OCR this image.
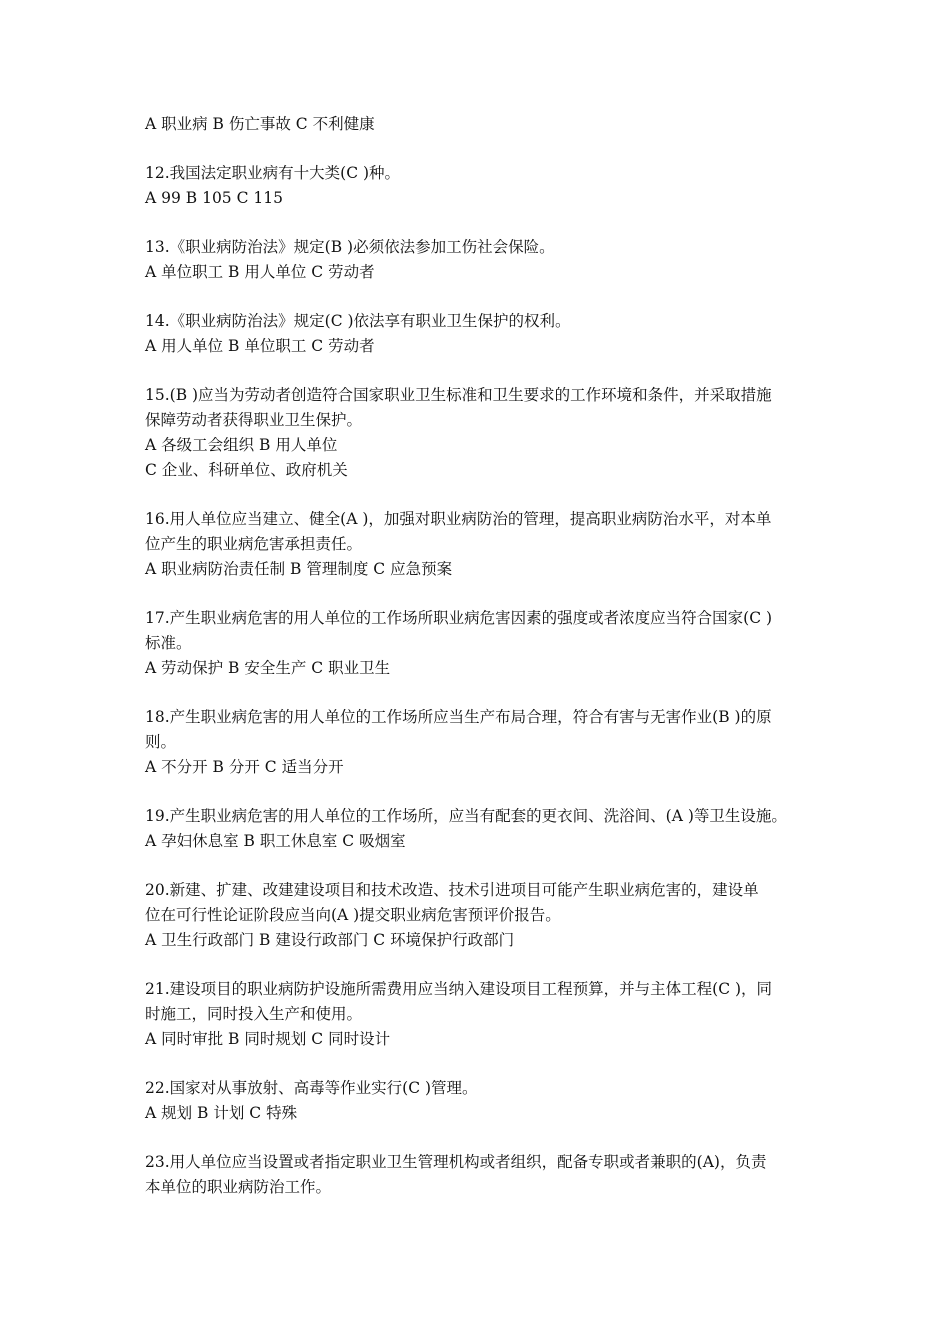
A 职业病 B 伤亡事故 C 不利健康

12.我国法定职业病有十大类(C )种。

A 99 B 105 C 115

13.《职业病防治法》规定(B )必须依法参加工伤社会保险。

A 单位职工 B 用人单位 C 劳动者

14.《职业病防治法》规定(C )依法享有职业卫生保护的权利。

A 用人单位 B 单位职工 C 劳动者

15.(B )应当为劳动者创造符合国家职业卫生标准和卫生要求的工作环境和条件，并采取措施

保障劳动者获得职业卫生保护。

A 各级工会组织 B 用人单位

C 企业、科研单位、政府机关

16.用人单位应当建立、健全(A )，加强对职业病防治的管理，提高职业病防治水平，对本单

位产生的职业病危害承担责任。

A 职业病防治责任制 B 管理制度 C 应急预案

17.产生职业病危害的用人单位的工作场所职业病危害因素的强度或者浓度应当符合国家(C )

标准。

A 劳动保护 B 安全生产 C 职业卫生

18.产生职业病危害的用人单位的工作场所应当生产布局合理，符合有害与无害作业(B )的原

则。

A 不分开 B 分开 C 适当分开

19.产生职业病危害的用人单位的工作场所，应当有配套的更衣间、洗浴间、(A )等卫生设施。

A 孕妇休息室 B 职工休息室 C 吸烟室

20.新建、扩建、改建建设项目和技术改造、技术引进项目可能产生职业病危害的，建设单

位在可行性论证阶段应当向(A )提交职业病危害预评价报告。

A 卫生行政部门 B 建设行政部门 C 环境保护行政部门

21.建设项目的职业病防护设施所需费用应当纳入建设项目工程预算，并与主体工程(C )，同

时施工，同时投入生产和使用。

A 同时审批 B 同时规划 C 同时设计

22.国家对从事放射、高毒等作业实行(C )管理。

A 规划 B 计划 C 特殊

23.用人单位应当设置或者指定职业卫生管理机构或者组织，配备专职或者兼职的(A)，负责

本单位的职业病防治工作。
